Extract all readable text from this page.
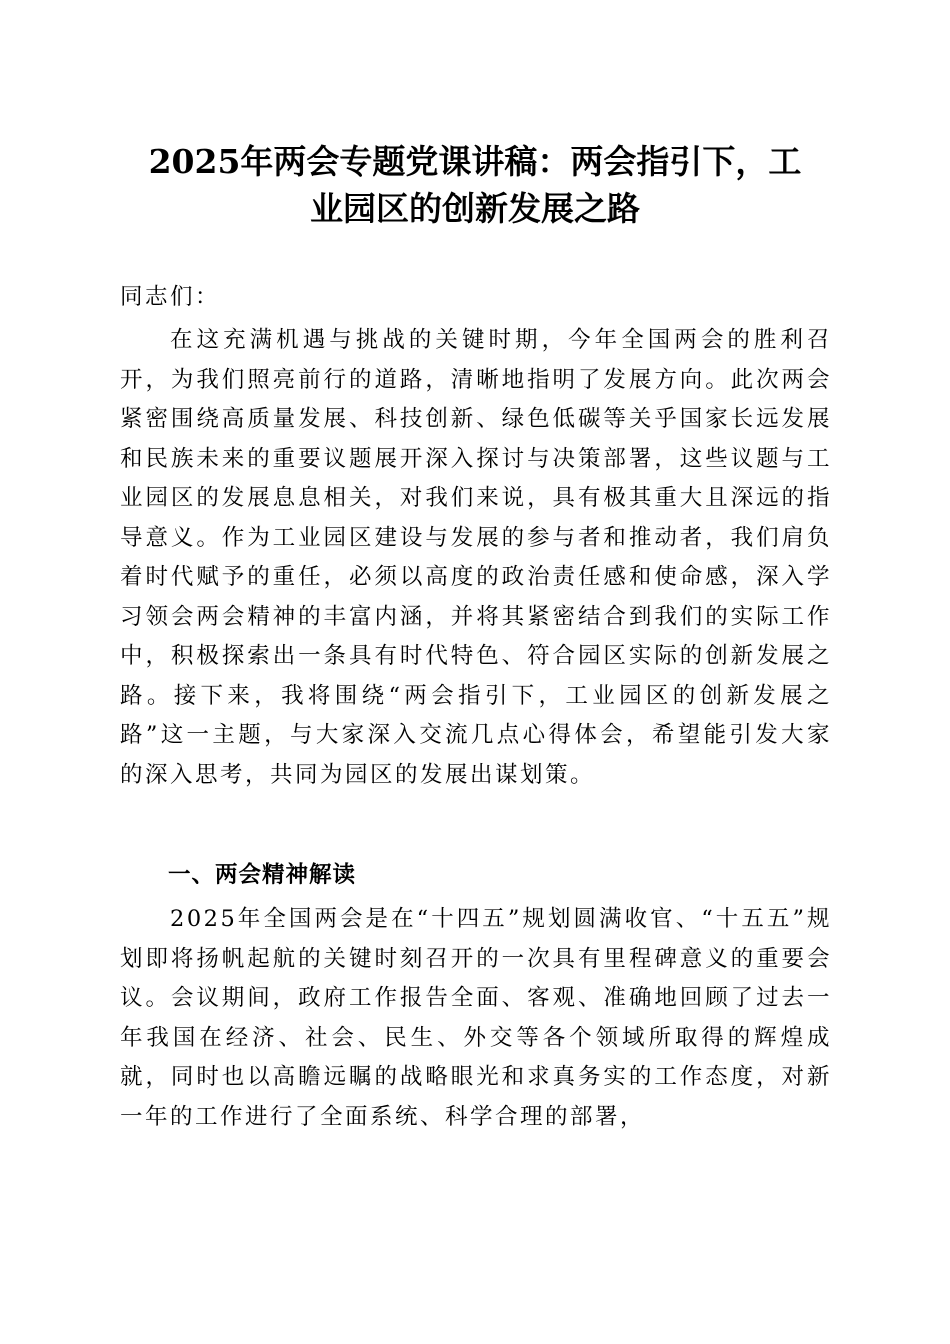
2025年两会专题党课讲稿：两会指引下，工
业园区的创新发展之路
同志们：
在这充满机遇与挑战的关键时期，今年全国两会的胜利召开，为我们照亮前行的道路，清晰地指明了发展方向。此次两会紧密围绕高质量发展、科技创新、绿色低碳等关乎国家长远发展和民族未来的重要议题展开深入探讨与决策部署，这些议题与工业园区的发展息息相关，对我们来说，具有极其重大且深远的指导意义。作为工业园区建设与发展的参与者和推动者，我们肩负着时代赋予的重任，必须以高度的政治责任感和使命感，深入学习领会两会精神的丰富内涵，并将其紧密结合到我们的实际工作中，积极探索出一条具有时代特色、符合园区实际的创新发展之路。接下来，我将围绕“两会指引下，工业园区的创新发展之路”这一主题，与大家深入交流几点心得体会，希望能引发大家的深入思考，共同为园区的发展出谋划策。
一、两会精神解读
2025年全国两会是在“十四五”规划圆满收官、“十五五”规划即将扬帆起航的关键时刻召开的一次具有里程碑意义的重要会议。会议期间，政府工作报告全面、客观、准确地回顾了过去一年我国在经济、社会、民生、外交等各个领域所取得的辉煌成就，同时也以高瞻远瞩的战略眼光和求真务实的工作态度，对新一年的工作进行了全面系统、科学合理的部署，
